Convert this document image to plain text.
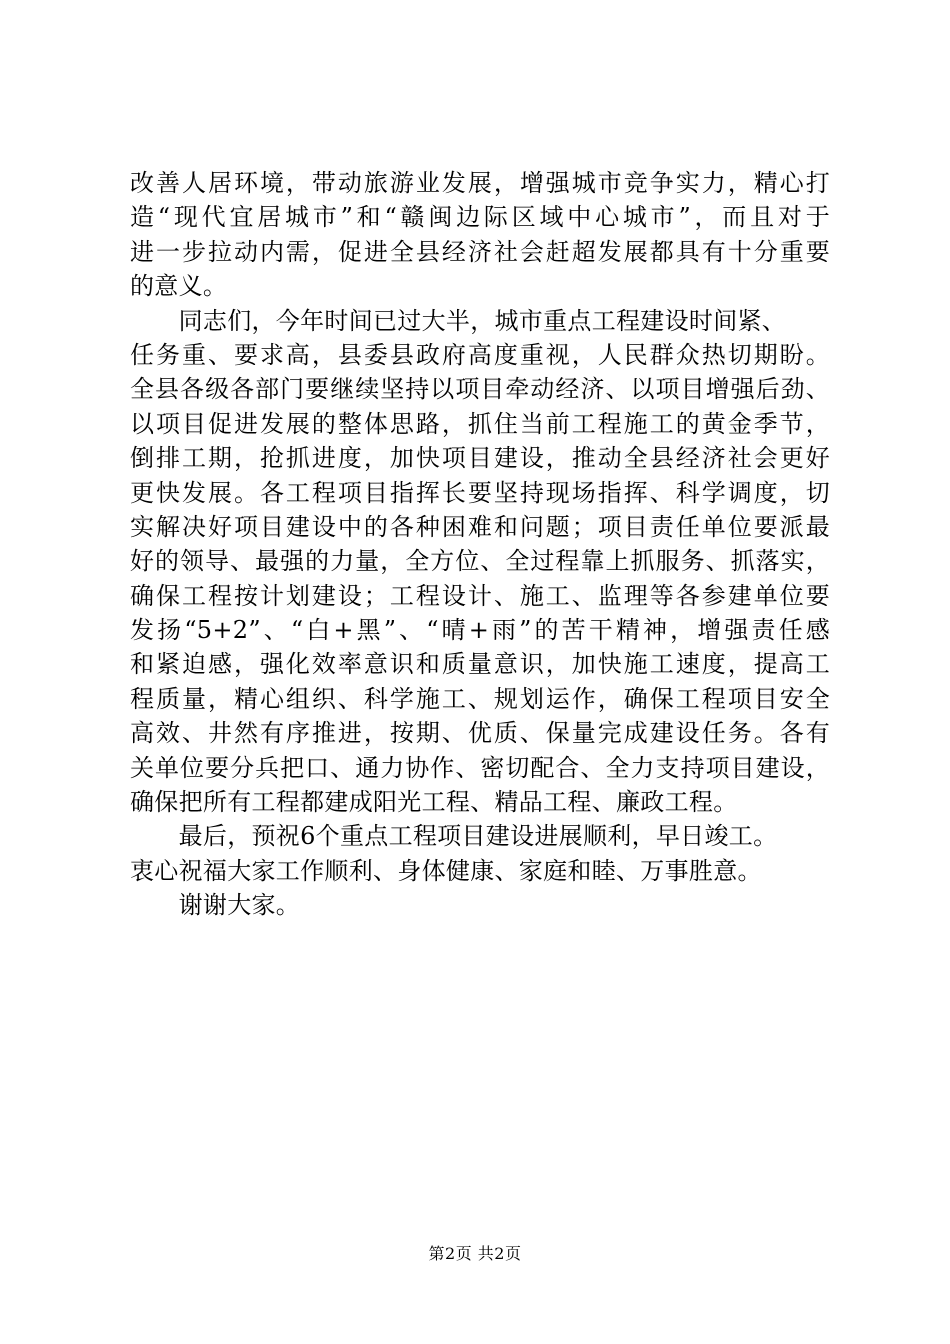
改善人居环境，带动旅游业发展，增强城市竞争实力，精心打
造“现代宜居城市”和“赣闽边际区域中心城市”，而且对于
进一步拉动内需，促进全县经济社会赶超发展都具有十分重要
的意义。
　　同志们，今年时间已过大半，城市重点工程建设时间紧、
任务重、要求高，县委县政府高度重视，人民群众热切期盼。
全县各级各部门要继续坚持以项目牵动经济、以项目增强后劲、
以项目促进发展的整体思路，抓住当前工程施工的黄金季节，
倒排工期，抢抓进度，加快项目建设，推动全县经济社会更好
更快发展。各工程项目指挥长要坚持现场指挥、科学调度，切
实解决好项目建设中的各种困难和问题；项目责任单位要派最
好的领导、最强的力量，全方位、全过程靠上抓服务、抓落实，
确保工程按计划建设；工程设计、施工、监理等各参建单位要
发扬“5+2”、“白+黑”、“晴+雨”的苦干精神，增强责任感
和紧迫感，强化效率意识和质量意识，加快施工速度，提高工
程质量，精心组织、科学施工、规划运作，确保工程项目安全
高效、井然有序推进，按期、优质、保量完成建设任务。各有
关单位要分兵把口、通力协作、密切配合、全力支持项目建设，
确保把所有工程都建成阳光工程、精品工程、廉政工程。
　　最后，预祝6个重点工程项目建设进展顺利，早日竣工。
衷心祝福大家工作顺利、身体健康、家庭和睦、万事胜意。
　　谢谢大家。
第2页 共2页
